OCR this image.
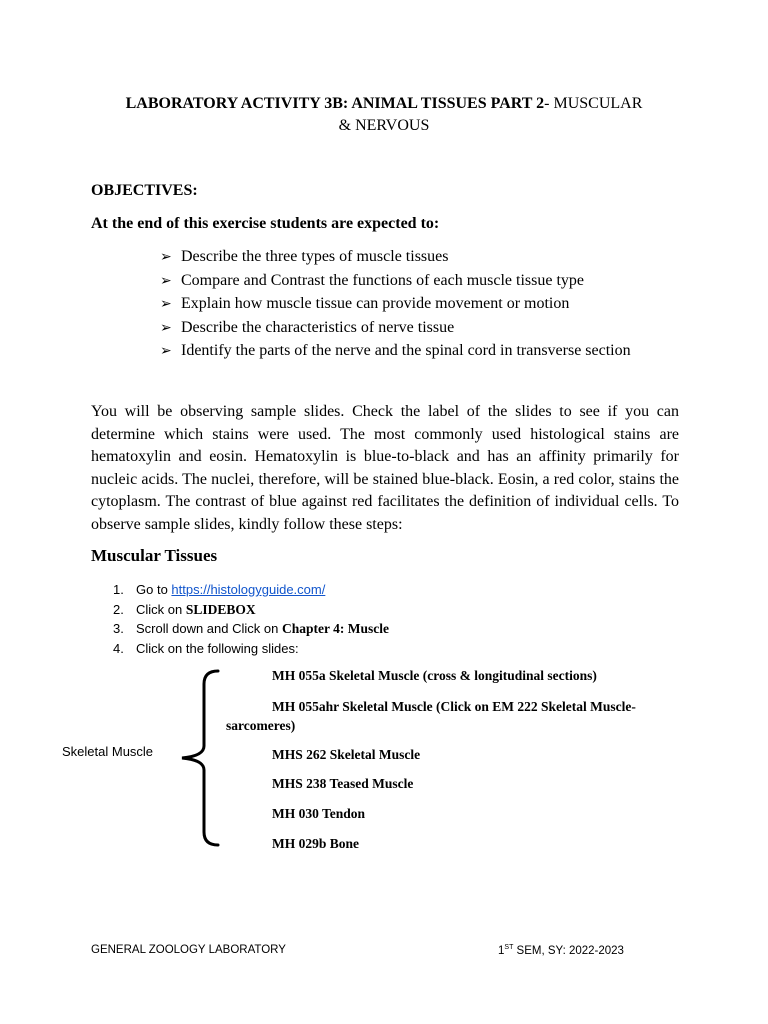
LABORATORY ACTIVITY 3B: ANIMAL TISSUES PART 2- MUSCULAR
& NERVOUS
OBJECTIVES:
At the end of this exercise students are expected to:
➢ Describe the three types of muscle tissues
➢ Compare and Contrast the functions of each muscle tissue type
➢ Explain how muscle tissue can provide movement or motion
➢ Describe the characteristics of nerve tissue
➢ Identify the parts of the nerve and the spinal cord in transverse section
You will be observing sample slides. Check the label of the slides to see if you can determine which stains were used. The most commonly used histological stains are hematoxylin and eosin. Hematoxylin is blue-to-black and has an affinity primarily for nucleic acids. The nuclei, therefore, will be stained blue-black. Eosin, a red color, stains the cytoplasm. The contrast of blue against red facilitates the definition of individual cells. To observe sample slides, kindly follow these steps:
Muscular Tissues
1. Go to https://histologyguide.com/
2. Click on SLIDEBOX
3. Scroll down and Click on Chapter 4: Muscle
4. Click on the following slides:
Skeletal Muscle
MH 055a Skeletal Muscle (cross & longitudinal sections)
MH 055ahr Skeletal Muscle (Click on EM 222 Skeletal Muscle-sarcomeres)
MHS 262 Skeletal Muscle
MHS 238 Teased Muscle
MH 030 Tendon
MH 029b Bone
GENERAL ZOOLOGY LABORATORY	1ST SEM, SY: 2022-2023
